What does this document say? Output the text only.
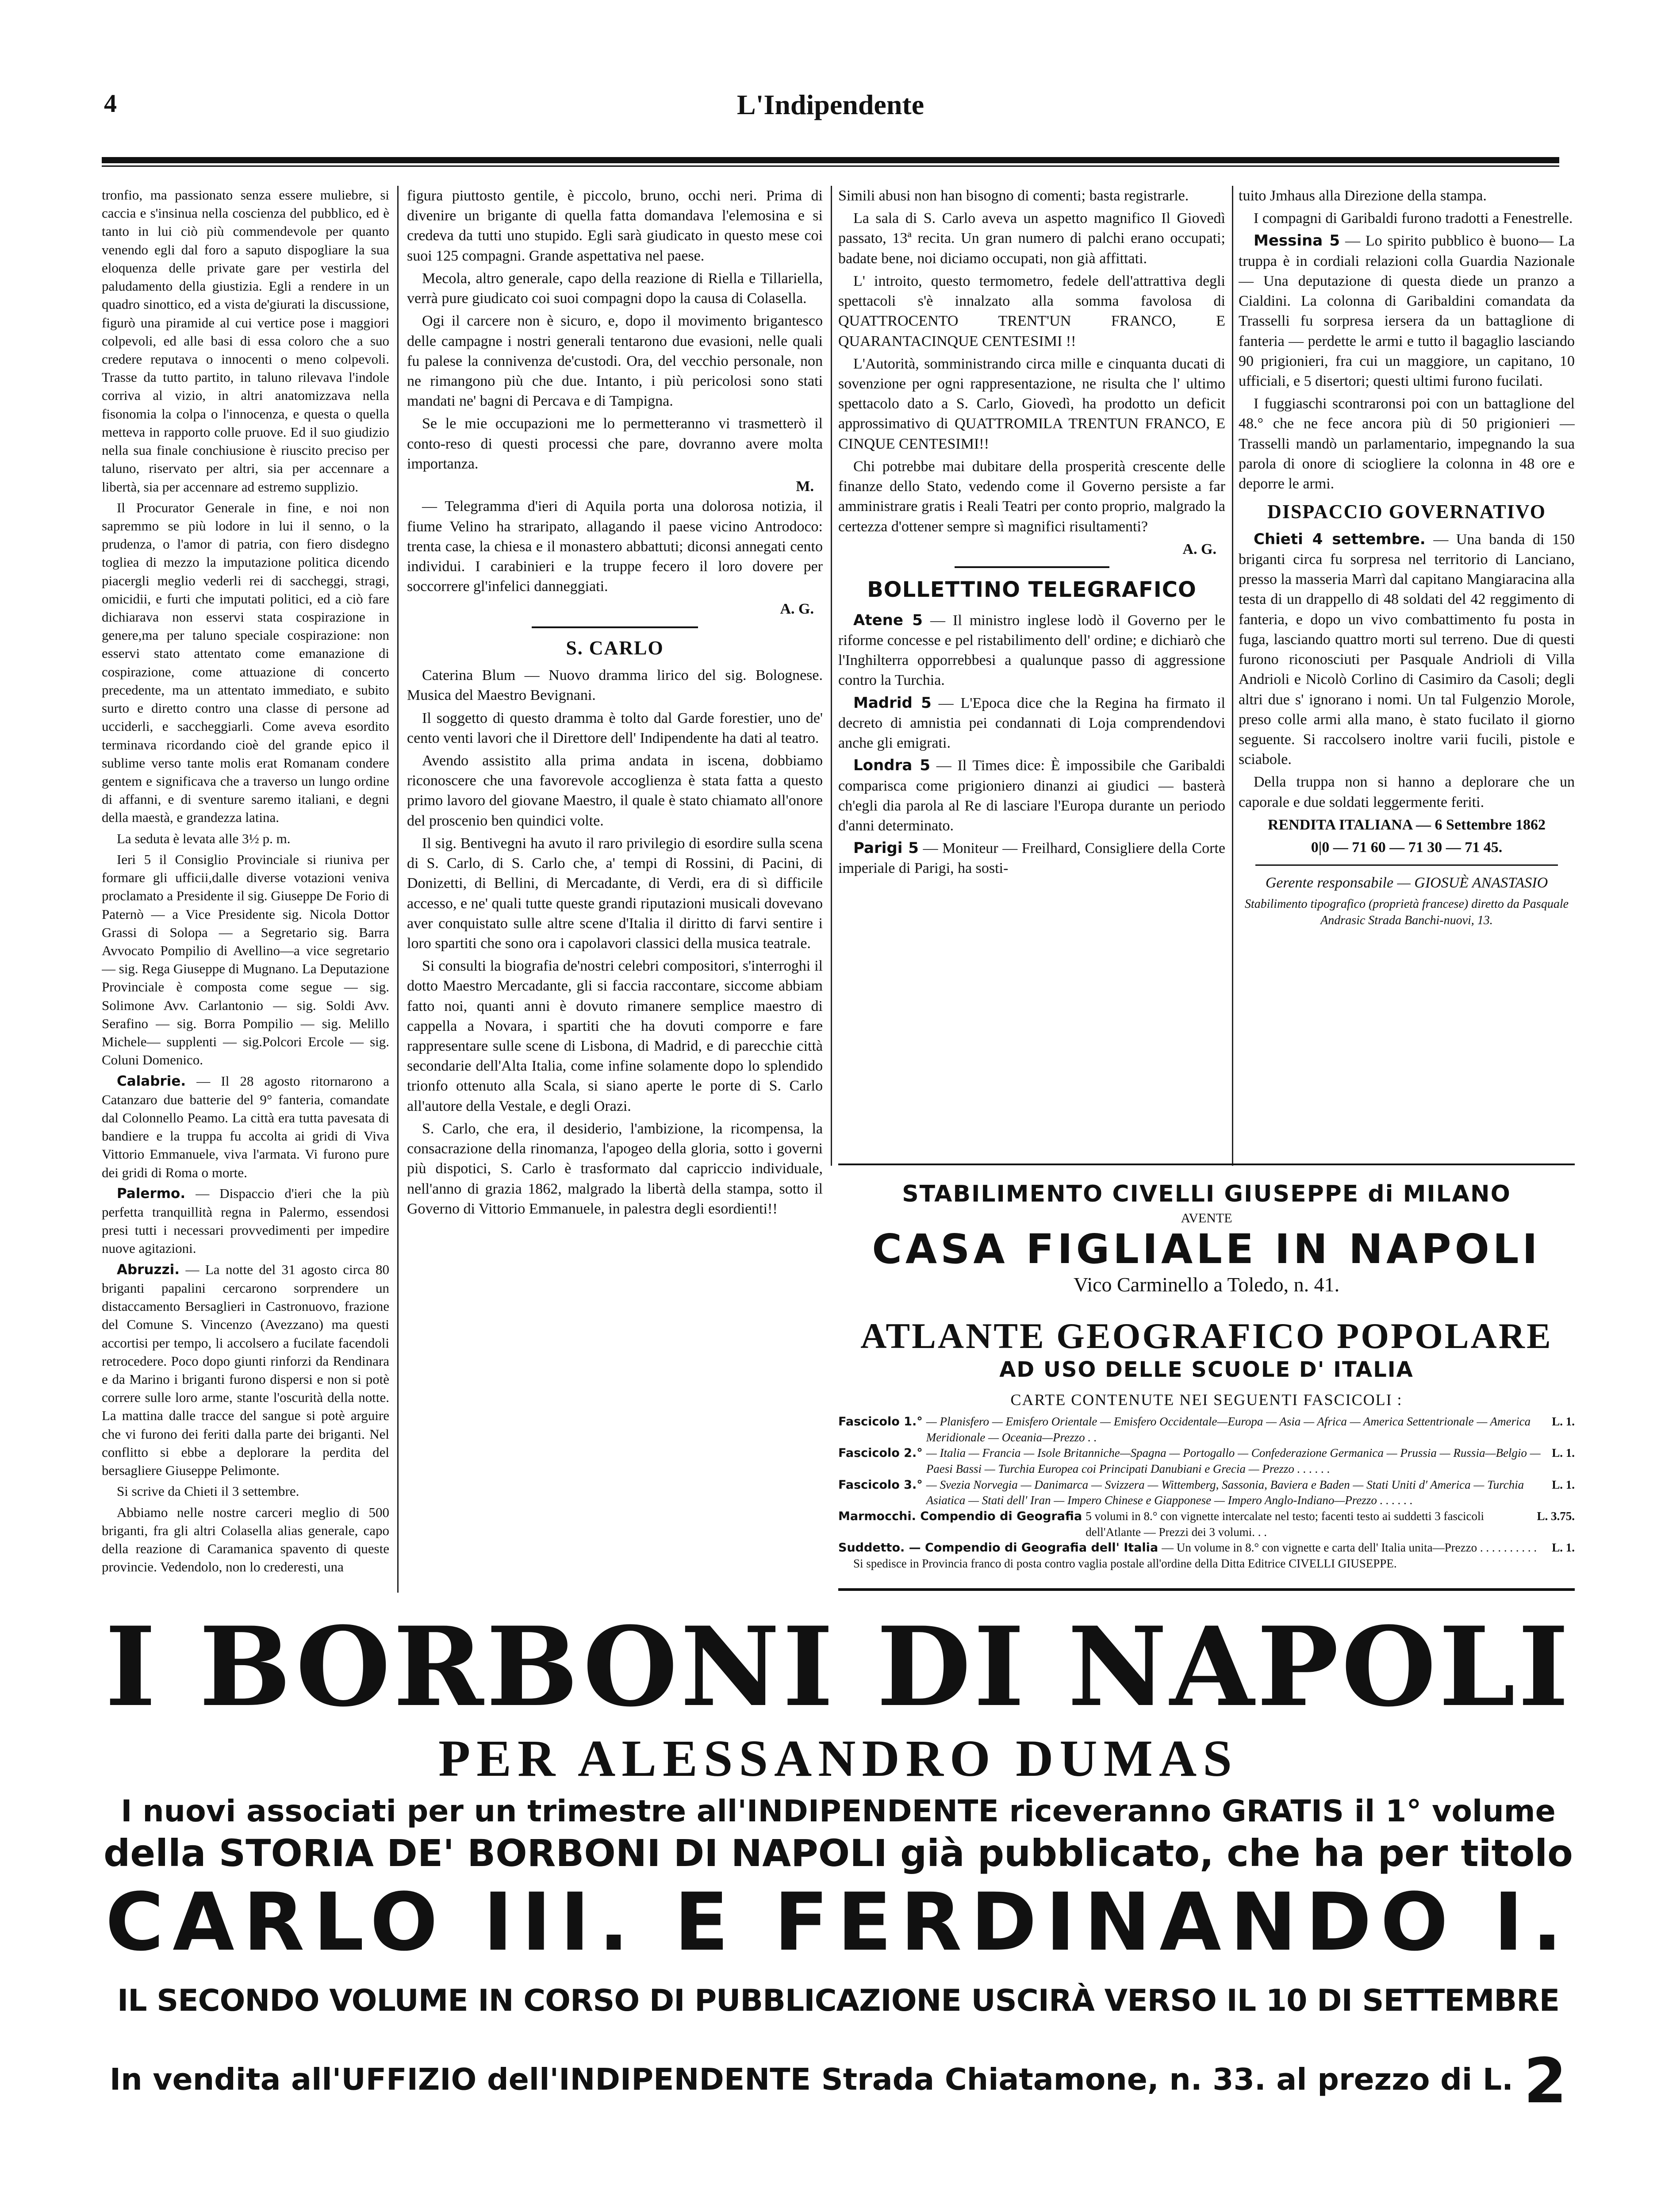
4	L'Indipendente

tronfio, ma passionato senza essere muliebre, si caccia e s'insinua nella coscienza del pubblico, ed è tanto in lui ciò più commendevole per quanto venendo egli dal foro a saputo dispogliare la sua eloquenza delle private gare per vestirla del paludamento della giustizia. Egli a rendere in un quadro sinottico, ed a vista de'giurati la discussione, figurò una piramide al cui vertice pose i maggiori colpevoli, ed alle basi di essa coloro che a suo credere reputava o innocenti o meno colpevoli. Trasse da tutto partito, in taluno rilevava l'indole corriva al vizio, in altri anatomizzava nella fisonomia la colpa o l'innocenza, e questa o quella metteva in rapporto colle pruove. Ed il suo giudizio nella sua finale conchiusione è riuscito preciso per taluno, riservato per altri, sia per accennare a libertà, sia per accennare ad estremo supplizio.

Il Procurator Generale in fine, e noi non sapremmo se più lodore in lui il senno, o la prudenza, o l'amor di patria, con fiero disdegno togliea di mezzo la imputazione politica dicendo piacergli meglio vederli rei di saccheggi, stragi, omicidii, e furti che imputati politici, ed a ciò fare dichiarava non esservi stata cospirazione in genere,ma per taluno speciale cospirazione: non esservi stato attentato come emanazione di cospirazione, come attuazione di concerto precedente, ma un attentato immediato, e subito surto e diretto contro una classe di persone ad ucciderli, e saccheggiarli. Come aveva esordito terminava ricordando cioè del grande epico il sublime verso tante molis erat Romanam condere gentem e significava che a traverso un lungo ordine di affanni, e di sventure saremo italiani, e degni della maestà, e grandezza latina.

La seduta è levata alle 3½ p. m.

Ieri 5 il Consiglio Provinciale si riuniva per formare gli ufficii,dalle diverse votazioni veniva proclamato a Presidente il sig. Giuseppe De Forio di Paternò — a Vice Presidente sig. Nicola Dottor Grassi di Solopa — a Segretario sig. Barra Avvocato Pompilio di Avellino—a vice segretario — sig. Rega Giuseppe di Mugnano. La Deputazione Provinciale è composta come segue — sig. Solimone Avv. Carlantonio — sig. Soldi Avv. Serafino — sig. Borra Pompilio — sig. Melillo Michele— supplenti — sig.Polcori Ercole — sig. Coluni Domenico.

Calabrie. — Il 28 agosto ritornarono a Catanzaro due batterie del 9° fanteria, comandate dal Colonnello Peamo. La città era tutta pavesata di bandiere e la truppa fu accolta ai gridi di Viva Vittorio Emmanuele, viva l'armata. Vi furono pure dei gridi di Roma o morte.

Palermo. — Dispaccio d'ieri che la più perfetta tranquillità regna in Palermo, essendosi presi tutti i necessari provvedimenti per impedire nuove agitazioni.

Abruzzi. — La notte del 31 agosto circa 80 briganti papalini cercarono sorprendere un distaccamento Bersaglieri in Castronuovo, frazione del Comune S. Vincenzo (Avezzano) ma questi accortisi per tempo, li accolsero a fucilate facendoli retrocedere. Poco dopo giunti rinforzi da Rendinara e da Marino i briganti furono dispersi e non si potè correre sulle loro arme, stante l'oscurità della notte. La mattina dalle tracce del sangue si potè arguire che vi furono dei feriti dalla parte dei briganti. Nel conflitto si ebbe a deplorare la perdita del bersagliere Giuseppe Pelimonte.

Si scrive da Chieti il 3 settembre.

Abbiamo nelle nostre carceri meglio di 500 briganti, fra gli altri Colasella alias generale, capo della reazione di Caramanica spavento di queste provincie. Vedendolo, non lo crederesti, una

figura piuttosto gentile, è piccolo, bruno, occhi neri. Prima di divenire un brigante di quella fatta domandava l'elemosina e si credeva da tutti uno stupido. Egli sarà giudicato in questo mese coi suoi 125 compagni. Grande aspettativa nel paese.

Mecola, altro generale, capo della reazione di Riella e Tillariella, verrà pure giudicato coi suoi compagni dopo la causa di Colasella.

Ogi il carcere non è sicuro, e, dopo il movimento brigantesco delle campagne i nostri generali tentarono due evasioni, nelle quali fu palese la connivenza de'custodi. Ora, del vecchio personale, non ne rimangono più che due. Intanto, i più pericolosi sono stati mandati ne' bagni di Percava e di Tampigna.

Se le mie occupazioni me lo permetteranno vi trasmetterò il conto-reso di questi processi che pare, dovranno avere molta importanza.

M.

— Telegramma d'ieri di Aquila porta una dolorosa notizia, il fiume Velino ha straripato, allagando il paese vicino Antrodoco: trenta case, la chiesa e il monastero abbattuti; diconsi annegati cento individui. I carabinieri e la truppe fecero il loro dovere per soccorrere gl'infelici danneggiati.

A. G.
S. CARLO

Caterina Blum — Nuovo dramma lirico del sig. Bolognese. Musica del Maestro Bevignani.

Il soggetto di questo dramma è tolto dal Garde forestier, uno de' cento venti lavori che il Direttore dell' Indipendente ha dati al teatro.

Avendo assistito alla prima andata in iscena, dobbiamo riconoscere che una favorevole accoglienza è stata fatta a questo primo lavoro del giovane Maestro, il quale è stato chiamato all'onore del proscenio ben quindici volte.

Il sig. Bentivegni ha avuto il raro privilegio di esordire sulla scena di S. Carlo, di S. Carlo che, a' tempi di Rossini, di Pacini, di Donizetti, di Bellini, di Mercadante, di Verdi, era di sì difficile accesso, e ne' quali tutte queste grandi riputazioni musicali dovevano aver conquistato sulle altre scene d'Italia il diritto di farvi sentire i loro spartiti che sono ora i capolavori classici della musica teatrale.

Si consulti la biografia de'nostri celebri compositori, s'interroghi il dotto Maestro Mercadante, gli si faccia raccontare, siccome abbiam fatto noi, quanti anni è dovuto rimanere semplice maestro di cappella a Novara, i spartiti che ha dovuti comporre e fare rappresentare sulle scene di Lisbona, di Madrid, e di parecchie città secondarie dell'Alta Italia, come infine solamente dopo lo splendido trionfo ottenuto alla Scala, si siano aperte le porte di S. Carlo all'autore della Vestale, e degli Orazi.

S. Carlo, che era, il desiderio, l'ambizione, la ricompensa, la consacrazione della rinomanza, l'apogeo della gloria, sotto i governi più dispotici, S. Carlo è trasformato dal capriccio individuale, nell'anno di grazia 1862, malgrado la libertà della stampa, sotto il Governo di Vittorio Emmanuele, in palestra degli esordienti!!

Simili abusi non han bisogno di comenti; basta registrarle.

La sala di S. Carlo aveva un aspetto magnifico Il Giovedì passato, 13ª recita. Un gran numero di palchi erano occupati; badate bene, noi diciamo occupati, non già affittati.

L' introito, questo termometro, fedele dell'attrattiva degli spettacoli s'è innalzato alla somma favolosa di QUATTROCENTO TRENT'UN FRANCO, E QUARANTACINQUE CENTESIMI !!

L'Autorità, somministrando circa mille e cinquanta ducati di sovenzione per ogni rappresentazione, ne risulta che l' ultimo spettacolo dato a S. Carlo, Giovedì, ha prodotto un deficit approssimativo di QUATTROMILA TRENTUN FRANCO, E CINQUE CENTESIMI!!

Chi potrebbe mai dubitare della prosperità crescente delle finanze dello Stato, vedendo come il Governo persiste a far amministrare gratis i Reali Teatri per conto proprio, malgrado la certezza d'ottener sempre sì magnifici risultamenti?

A. G.
BOLLETTINO TELEGRAFICO

Atene 5 — Il ministro inglese lodò il Governo per le riforme concesse e pel ristabilimento dell' ordine; e dichiarò che l'Inghilterra opporrebbesi a qualunque passo di aggressione contro la Turchia.

Madrid 5 — L'Epoca dice che la Regina ha firmato il decreto di amnistia pei condannati di Loja comprendendovi anche gli emigrati.

Londra 5 — Il Times dice: È impossibile che Garibaldi comparisca come prigioniero dinanzi ai giudici — basterà ch'egli dia parola al Re di lasciare l'Europa durante un periodo d'anni determinato.

Parigi 5 — Moniteur — Freilhard, Consigliere della Corte imperiale di Parigi, ha sosti-

tuito Jmhaus alla Direzione della stampa.

I compagni di Garibaldi furono tradotti a Fenestrelle.

Messina 5 — Lo spirito pubblico è buono— La truppa è in cordiali relazioni colla Guardia Nazionale — Una deputazione di questa diede un pranzo a Cialdini. La colonna di Garibaldini comandata da Trasselli fu sorpresa iersera da un battaglione di fanteria — perdette le armi e tutto il bagaglio lasciando 90 prigionieri, fra cui un maggiore, un capitano, 10 ufficiali, e 5 disertori; questi ultimi furono fucilati.

I fuggiaschi scontraronsi poi con un battaglione del 48.° che ne fece ancora più di 50 prigionieri — Trasselli mandò un parlamentario, impegnando la sua parola di onore di sciogliere la colonna in 48 ore e deporre le armi.

DISPACCIO GOVERNATIVO

Chieti 4 settembre. — Una banda di 150 briganti circa fu sorpresa nel territorio di Lanciano, presso la masseria Marrì dal capitano Mangiaracina alla testa di un drappello di 48 soldati del 42 reggimento di fanteria, e dopo un vivo combattimento fu posta in fuga, lasciando quattro morti sul terreno. Due di questi furono riconosciuti per Pasquale Andrioli di Villa Andrioli e Nicolò Corlino di Casimiro da Casoli; degli altri due s' ignorano i nomi. Un tal Fulgenzio Morole, preso colle armi alla mano, è stato fucilato il giorno seguente. Si raccolsero inoltre varii fucili, pistole e sciabole.

Della truppa non si hanno a deplorare che un caporale e due soldati leggermente feriti.

RENDITA ITALIANA — 6 Settembre 1862

0|0 — 71 60 — 71 30 — 71 45.

Gerente responsabile — GIOSUÈ ANASTASIO

Stabilimento tipografico (proprietà francese) diretto da Pasquale Andrasic Strada Banchi-nuovi, 13.

STABILIMENTO CIVELLI GIUSEPPE di MILANO
AVENTE
CASA FIGLIALE IN NAPOLI
Vico Carminello a Toledo, n. 41.
ATLANTE GEOGRAFICO POPOLARE
AD USO DELLE SCUOLE D' ITALIA
CARTE CONTENUTE NEI SEGUENTI FASCICOLI :
Fascicolo 1.° — Planisfero — Emisfero Orientale — Emisfero Occidentale—Europa — Asia — Africa — America Settentrionale — America Meridionale — Oceania—Prezzo . .
L. 1.
Fascicolo 2.° — Italia — Francia — Isole Britanniche—Spagna — Portogallo — Confederazione Germanica — Prussia — Russia—Belgio — Paesi Bassi — Turchia Europea coi Principati Danubiani e Grecia — Prezzo . . . . . .
L. 1.
Fascicolo 3.° — Svezia Norvegia — Danimarca — Svizzera — Wittemberg, Sassonia, Baviera e Baden — Stati Uniti d' America — Turchia Asiatica — Stati dell' Iran — Impero Chinese e Giapponese — Impero Anglo-Indiano—Prezzo . . . . . .
L. 1.
Marmocchi. Compendio di Geografia 5 volumi in 8.° con vignette intercalate nel testo; facenti testo ai suddetti 3 fascicoli dell'Atlante — Prezzi dei 3 volumi. . .
L. 3.75.
Suddetto. — Compendio di Geografia dell' Italia — Un volume in 8.° con vignette e carta dell' Italia unita—Prezzo . . . . . . . . . .	L. 1.
Si spedisce in Provincia franco di posta contro vaglia postale all'ordine della Ditta Editrice CIVELLI GIUSEPPE.
I BORBONI DI NAPOLI
PER ALESSANDRO DUMAS
I nuovi associati per un trimestre all'INDIPENDENTE riceveranno GRATIS il 1° volume
della STORIA DE' BORBONI DI NAPOLI già pubblicato, che ha per titolo
CARLO III. E FERDINANDO I.
IL SECONDO VOLUME IN CORSO DI PUBBLICAZIONE USCIRÀ VERSO IL 10 DI SETTEMBRE
In vendita all'UFFIZIO dell'INDIPENDENTE Strada Chiatamone, n. 33. al prezzo di L. 2
